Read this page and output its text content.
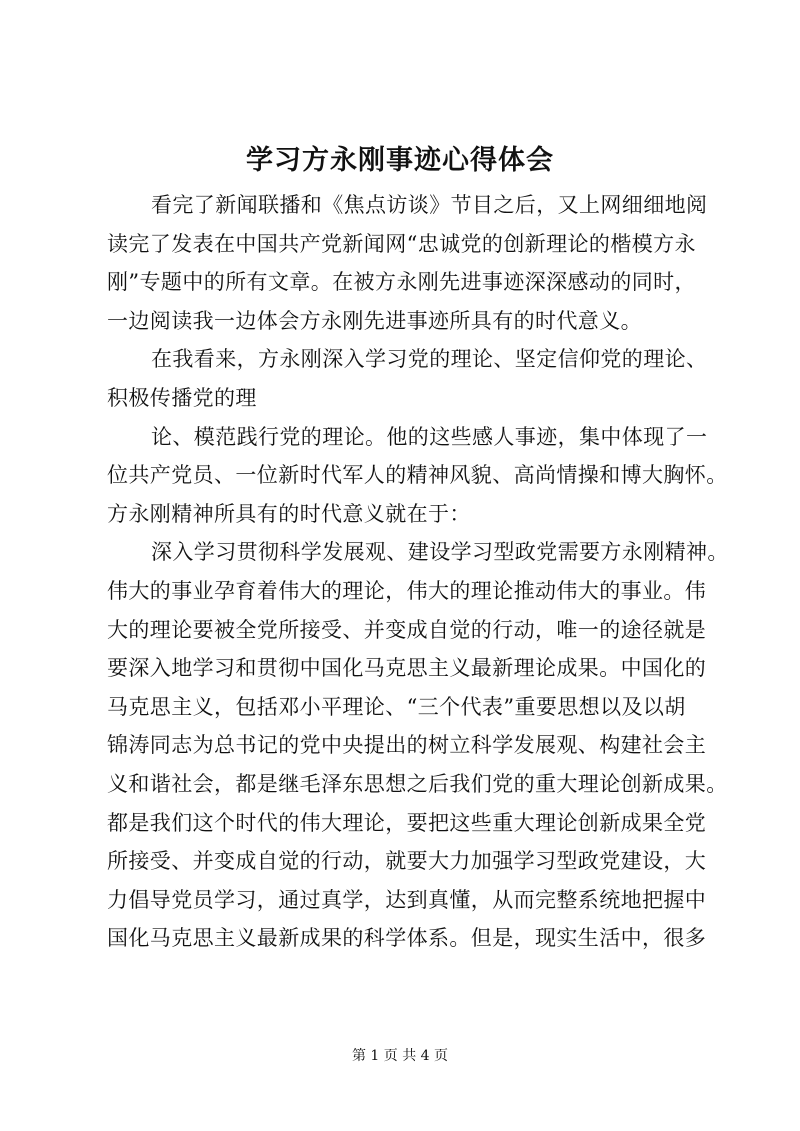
学习方永刚事迹心得体会
看完了新闻联播和《焦点访谈》节目之后，又上网细细地阅
读完了发表在中国共产党新闻网“忠诚党的创新理论的楷模方永
刚”专题中的所有文章。在被方永刚先进事迹深深感动的同时，
一边阅读我一边体会方永刚先进事迹所具有的时代意义。
在我看来，方永刚深入学习党的理论、坚定信仰党的理论、
积极传播党的理
论、模范践行党的理论。他的这些感人事迹，集中体现了一
位共产党员、一位新时代军人的精神风貌、高尚情操和博大胸怀。
方永刚精神所具有的时代意义就在于：
深入学习贯彻科学发展观、建设学习型政党需要方永刚精神。
伟大的事业孕育着伟大的理论，伟大的理论推动伟大的事业。伟
大的理论要被全党所接受、并变成自觉的行动，唯一的途径就是
要深入地学习和贯彻中国化马克思主义最新理论成果。中国化的
马克思主义，包括邓小平理论、“三个代表”重要思想以及以胡
锦涛同志为总书记的党中央提出的树立科学发展观、构建社会主
义和谐社会，都是继毛泽东思想之后我们党的重大理论创新成果。
都是我们这个时代的伟大理论，要把这些重大理论创新成果全党
所接受、并变成自觉的行动，就要大力加强学习型政党建设，大
力倡导党员学习，通过真学，达到真懂，从而完整系统地把握中
国化马克思主义最新成果的科学体系。但是，现实生活中，很多
第 1 页 共 4 页
